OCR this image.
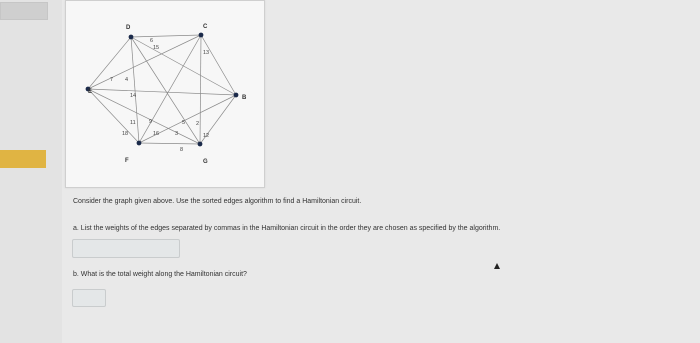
D	C
E
B
F	G
6
15
13
4
7
14
11 9	5 2
18	16	3	12
8
Consider the graph given above. Use the sorted edges algorithm to find a Hamiltonian circuit.
a. List the weights of the edges separated by commas in the Hamiltonian circuit in the order they are chosen as specified by the algorithm.
b. What is the total weight along the Hamiltonian circuit?
